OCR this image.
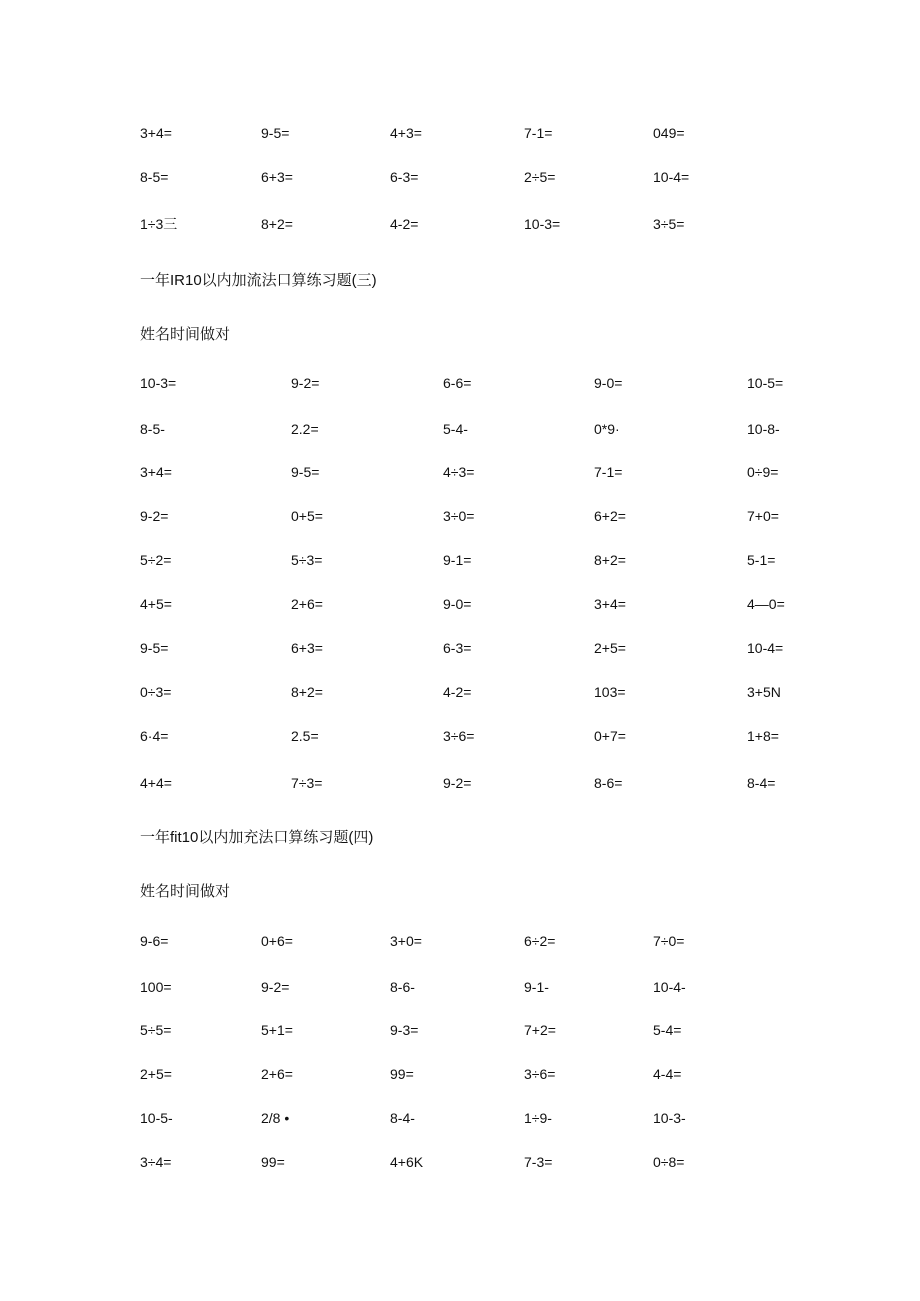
3+4=	9-5=	4+3=	7-1=	049=
8-5=	6+3=	6-3=	2÷5=	10-4=
1÷3三	8+2=	4-2=	10-3=	3÷5=
一年IR10以内加流法口算练习题(三)
姓名时间做对
10-3=	9-2=	6-6=	9-0=	10-5=
8-5-	2.2=	5-4-	0*9·	10-8-
3+4=	9-5=	4÷3=	7-1=	0÷9=
9-2=	0+5=	3÷0=	6+2=	7+0=
5÷2=	5÷3=	9-1=	8+2=	5-1=
4+5=	2+6=	9-0=	3+4=	4—0=
9-5=	6+3=	6-3=	2+5=	10-4=
0÷3=	8+2=	4-2=	103=	3+5N
6·4=	2.5=	3÷6=	0+7=	1+8=
4+4=	7÷3=	9-2=	8-6=	8-4=
一年fit10以内加充法口算练习题(四)
姓名时间做对
9-6=	0+6=	3+0=	6÷2=	7÷0=
100=	9-2=	8-6-	9-1-	10-4-
5÷5=	5+1=	9-3=	7+2=	5-4=
2+5=	2+6=	99=	3÷6=	4-4=
10-5-	2/8 •	8-4-	1÷9-	10-3-
3÷4=	99=	4+6K	7-3=	0÷8=
